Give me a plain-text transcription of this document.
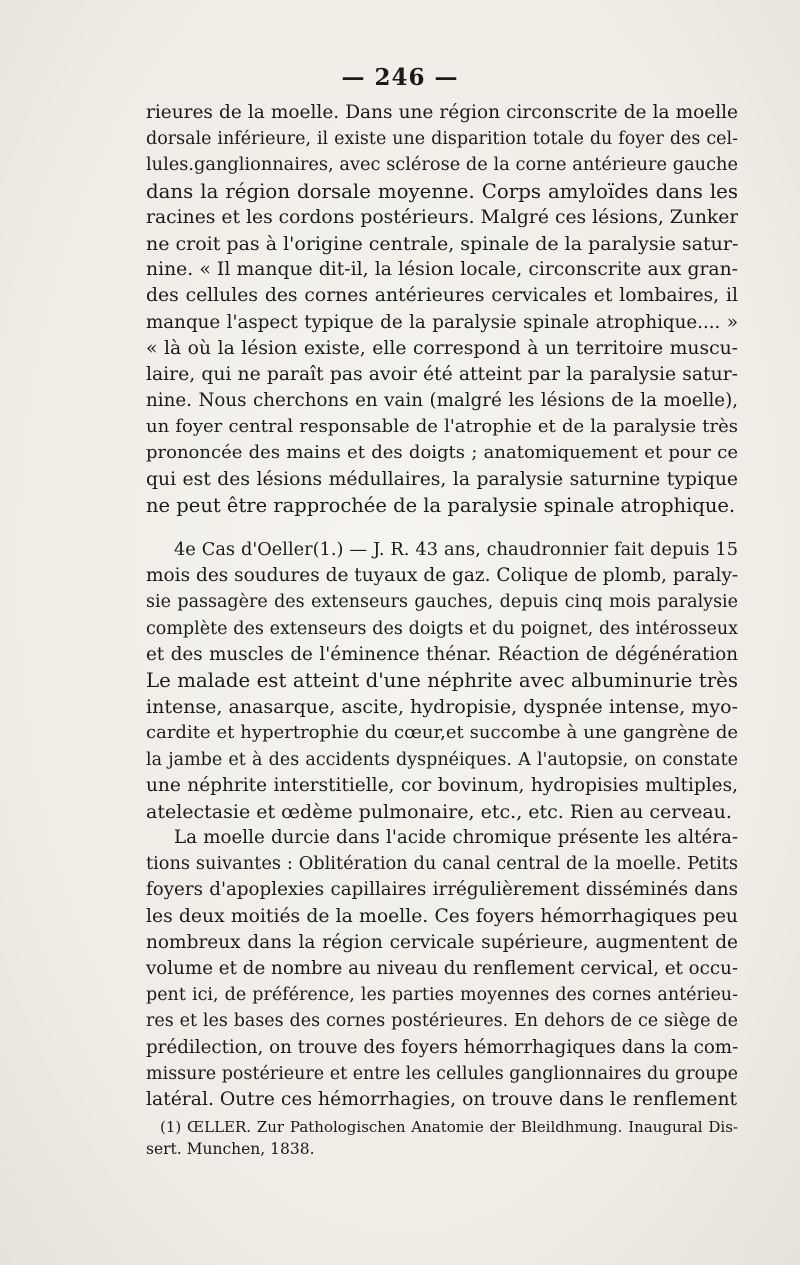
— 246 —
rieures de la moelle. Dans une région circonscrite de la moelle
dorsale inférieure, il existe une disparition totale du foyer des cel-
lules.ganglionnaires, avec sclérose de la corne antérieure gauche
dans la région dorsale moyenne. Corps amyloïdes dans les
racines et les cordons postérieurs. Malgré ces lésions, Zunker
ne croit pas à l'origine centrale, spinale de la paralysie satur-
nine. « Il manque dit-il, la lésion locale, circonscrite aux gran-
des cellules des cornes antérieures cervicales et lombaires, il
manque l'aspect typique de la paralysie spinale atrophique.... »
« là où la lésion existe, elle correspond à un territoire muscu-
laire, qui ne paraît pas avoir été atteint par la paralysie satur-
nine. Nous cherchons en vain (malgré les lésions de la moelle),
un foyer central responsable de l'atrophie et de la paralysie très
prononcée des mains et des doigts ; anatomiquement et pour ce
qui est des lésions médullaires, la paralysie saturnine typique
ne peut être rapprochée de la paralysie spinale atrophique.
4e Cas d'Oeller(1.) — J. R. 43 ans, chaudronnier fait depuis 15
mois des soudures de tuyaux de gaz. Colique de plomb, paraly-
sie passagère des extenseurs gauches, depuis cinq mois paralysie
complète des extenseurs des doigts et du poignet, des intérosseux
et des muscles de l'éminence thénar. Réaction de dégénération
Le malade est atteint d'une néphrite avec albuminurie très
intense, anasarque, ascite, hydropisie, dyspnée intense, myo-
cardite et hypertrophie du cœur,et succombe à une gangrène de
la jambe et à des accidents dyspnéiques. A l'autopsie, on constate
une néphrite interstitielle, cor bovinum, hydropisies multiples,
atelectasie et œdème pulmonaire, etc., etc. Rien au cerveau.
La moelle durcie dans l'acide chromique présente les altéra-
tions suivantes : Oblitération du canal central de la moelle. Petits
foyers d'apoplexies capillaires irrégulièrement disséminés dans
les deux moitiés de la moelle. Ces foyers hémorrhagiques peu
nombreux dans la région cervicale supérieure, augmentent de
volume et de nombre au niveau du renflement cervical, et occu-
pent ici, de préférence, les parties moyennes des cornes antérieu-
res et les bases des cornes postérieures. En dehors de ce siège de
prédilection, on trouve des foyers hémorrhagiques dans la com-
missure postérieure et entre les cellules ganglionnaires du groupe
latéral. Outre ces hémorrhagies, on trouve dans le renflement
(1) ŒLLER. Zur Pathologischen Anatomie der Bleildhmung. Inaugural Dis-
sert. Munchen, 1838.
